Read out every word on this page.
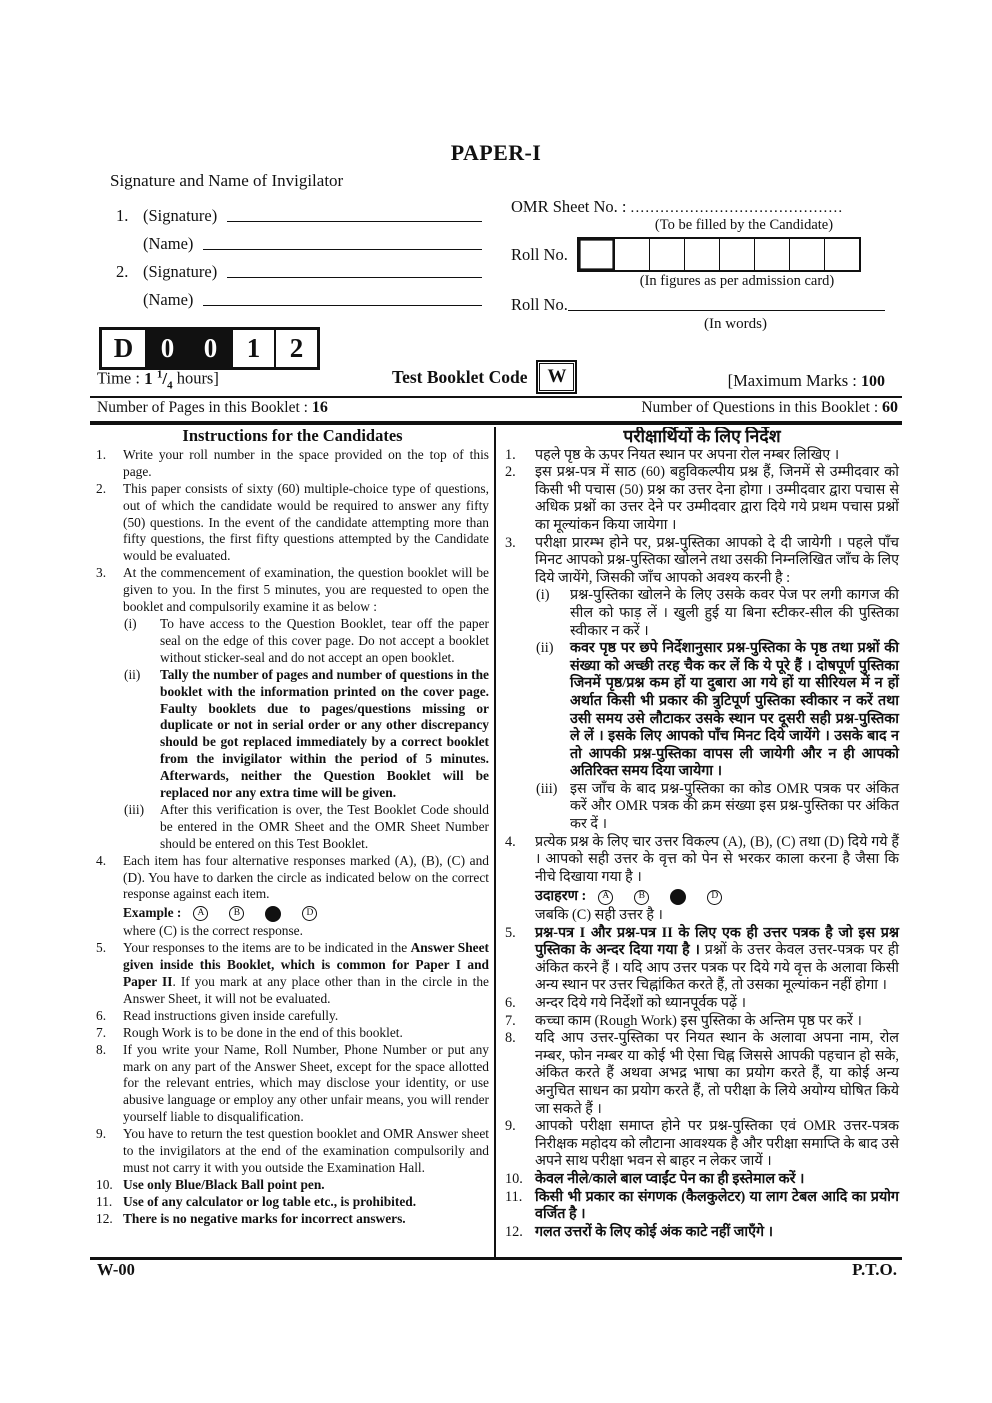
PAPER-I
Signature and Name of Invigilator
1. (Signature)
(Name)
2. (Signature)
(Name)
OMR Sheet No. : ...........................................
(To be filled by the Candidate)
Roll No.
(In figures as per admission card)
Roll No.
(In words)
D	0	0	1	2
Time : 1 $^1/_4$ hours]	Test Booklet Code	W	[Maximum Marks : 100
Number of Pages in this Booklet : 16	Number of Questions in this Booklet : 60
Instructions for the Candidates
1.	Write your roll number in the space provided on the top of this page.
2.	This paper consists of sixty (60) multiple-choice type of questions, out of which the candidate would be required to answer any fifty (50) questions. In the event of the candidate attempting more than fifty questions, the first fifty questions attempted by the Candidate would be evaluated.
3.	At the commencement of examination, the question booklet will be given to you. In the first 5 minutes, you are requested to open the booklet and compulsorily examine it as below :
(i)	To have access to the Question Booklet, tear off the paper seal on the edge of this cover page. Do not accept a booklet without sticker-seal and do not accept an open booklet.
(ii)	Tally the number of pages and number of questions in the booklet with the information printed on the cover page. Faulty booklets due to pages/questions missing or duplicate or not in serial order or any other discrepancy should be got replaced immediately by a correct booklet from the invigilator within the period of 5 minutes. Afterwards, neither the Question Booklet will be replaced nor any extra time will be given.
(iii)	After this verification is over, the Test Booklet Code should be entered in the OMR Sheet and the OMR Sheet Number should be entered on this Test Booklet.
4.	Each item has four alternative responses marked (A), (B), (C) and (D). You have to darken the circle as indicated below on the correct response against each item.
Example :	A	B	D
where (C) is the correct response.
5.	Your responses to the items are to be indicated in the Answer Sheet given inside this Booklet, which is common for Paper I and Paper II. If you mark at any place other than in the circle in the Answer Sheet, it will not be evaluated.
6.	Read instructions given inside carefully.
7.	Rough Work is to be done in the end of this booklet.
8.	If you write your Name, Roll Number, Phone Number or put any mark on any part of the Answer Sheet, except for the space allotted for the relevant entries, which may disclose your identity, or use abusive language or employ any other unfair means, you will render yourself liable to disqualification.
9.	You have to return the test question booklet and OMR Answer sheet to the invigilators at the end of the examination compulsorily and must not carry it with you outside the Examination Hall.
10. Use only Blue/Black Ball point pen.
11. Use of any calculator or log table etc., is prohibited.
12. There is no negative marks for incorrect answers.
परीक्षार्थियों के लिए निर्देश
1.	पहले पृष्ठ के ऊपर नियत स्थान पर अपना रोल नम्बर लिखिए ।
2.	इस प्रश्न-पत्र में साठ (60) बहुविकल्पीय प्रश्न हैं, जिनमें से उम्मीदवार को किसी भी पचास (50) प्रश्न का उत्तर देना होगा । उम्मीदवार द्वारा पचास से अधिक प्रश्नों का उत्तर देने पर उम्मीदवार द्वारा दिये गये प्रथम पचास प्रश्नों का मूल्यांकन किया जायेगा ।
3.	परीक्षा प्रारम्भ होने पर, प्रश्न-पुस्तिका आपको दे दी जायेगी । पहले पाँच मिनट आपको प्रश्न-पुस्तिका खोलने तथा उसकी निम्नलिखित जाँच के लिए दिये जायेंगे, जिसकी जाँच आपको अवश्य करनी है :
(i)	प्रश्न-पुस्तिका खोलने के लिए उसके कवर पेज पर लगी कागज की सील को फाड़ लें । खुली हुई या बिना स्टीकर-सील की पुस्तिका स्वीकार न करें ।
(ii)	कवर पृष्ठ पर छपे निर्देशानुसार प्रश्न-पुस्तिका के पृष्ठ तथा प्रश्नों की संख्या को अच्छी तरह चैक कर लें कि ये पूरे हैं । दोषपूर्ण पुस्तिका जिनमें पृष्ठ/प्रश्न कम हों या दुबारा आ गये हों या सीरियल में न हों अर्थात किसी भी प्रकार की त्रुटिपूर्ण पुस्तिका स्वीकार न करें तथा उसी समय उसे लौटाकर उसके स्थान पर दूसरी सही प्रश्न-पुस्तिका ले लें । इसके लिए आपको पाँच मिनट दिये जायेंगे । उसके बाद न तो आपकी प्रश्न-पुस्तिका वापस ली जायेगी और न ही आपको अतिरिक्त समय दिया जायेगा ।
(iii) इस जाँच के बाद प्रश्न-पुस्तिका का कोड OMR पत्रक पर अंकित करें और OMR पत्रक की क्रम संख्या इस प्रश्न-पुस्तिका पर अंकित कर दें ।
4.	प्रत्येक प्रश्न के लिए चार उत्तर विकल्प (A), (B), (C) तथा (D) दिये गये हैं । आपको सही उत्तर के वृत्त को पेन से भरकर काला करना है जैसा कि नीचे दिखाया गया है ।
उदाहरण :	A	B	D
जबकि (C) सही उत्तर है ।
5.	प्रश्न-पत्र I और प्रश्न-पत्र II के लिए एक ही उत्तर पत्रक है जो इस प्रश्न पुस्तिका के अन्दर दिया गया है । प्रश्नों के उत्तर केवल उत्तर-पत्रक पर ही अंकित करने हैं । यदि आप उत्तर पत्रक पर दिये गये वृत्त के अलावा किसी अन्य स्थान पर उत्तर चिह्नांकित करते हैं, तो उसका मूल्यांकन नहीं होगा ।
6.	अन्दर दिये गये निर्देशों को ध्यानपूर्वक पढ़ें ।
7.	कच्चा काम (Rough Work) इस पुस्तिका के अन्तिम पृष्ठ पर करें ।
8.	यदि आप उत्तर-पुस्तिका पर नियत स्थान के अलावा अपना नाम, रोल नम्बर, फोन नम्बर या कोई भी ऐसा चिह्न जिससे आपकी पहचान हो सके, अंकित करते हैं अथवा अभद्र भाषा का प्रयोग करते हैं, या कोई अन्य अनुचित साधन का प्रयोग करते हैं, तो परीक्षा के लिये अयोग्य घोषित किये जा सकते हैं ।
9.	आपको परीक्षा समाप्त होने पर प्रश्न-पुस्तिका एवं OMR उत्तर-पत्रक निरीक्षक महोदय को लौटाना आवश्यक है और परीक्षा समाप्ति के बाद उसे अपने साथ परीक्षा भवन से बाहर न लेकर जायें ।
10. केवल नीले/काले बाल प्वाईंट पेन का ही इस्तेमाल करें ।
11. किसी भी प्रकार का संगणक (कैलकुलेटर) या लाग टेबल आदि का प्रयोग वर्जित है ।
12. गलत उत्तरों के लिए कोई अंक काटे नहीं जाएँगे ।
W-00	P.T.O.
